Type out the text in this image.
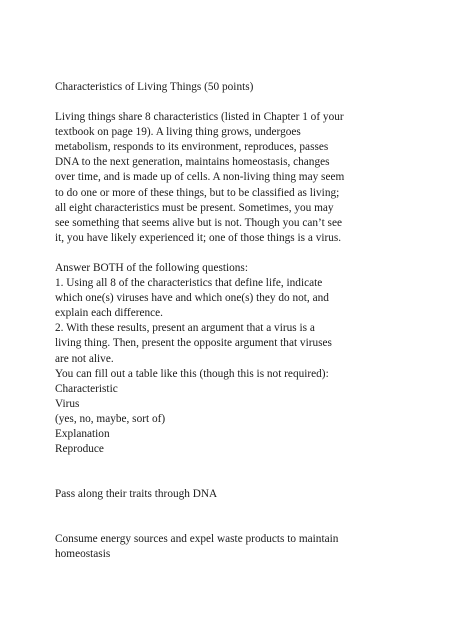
Characteristics of Living Things (50 points)
Living things share 8 characteristics (listed in Chapter 1 of your
textbook on page 19). A living thing grows, undergoes
metabolism, responds to its environment, reproduces, passes
DNA to the next generation, maintains homeostasis, changes
over time, and is made up of cells. A non-living thing may seem
to do one or more of these things, but to be classified as living;
all eight characteristics must be present. Sometimes, you may
see something that seems alive but is not. Though you can’t see
it, you have likely experienced it; one of those things is a virus.
Answer BOTH of the following questions:
1. Using all 8 of the characteristics that define life, indicate
which one(s) viruses have and which one(s) they do not, and
explain each difference.
2. With these results, present an argument that a virus is a
living thing. Then, present the opposite argument that viruses
are not alive.
You can fill out a table like this (though this is not required):
Characteristic
Virus
(yes, no, maybe, sort of)
Explanation
Reproduce
Pass along their traits through DNA
Consume energy sources and expel waste products to maintain
homeostasis
